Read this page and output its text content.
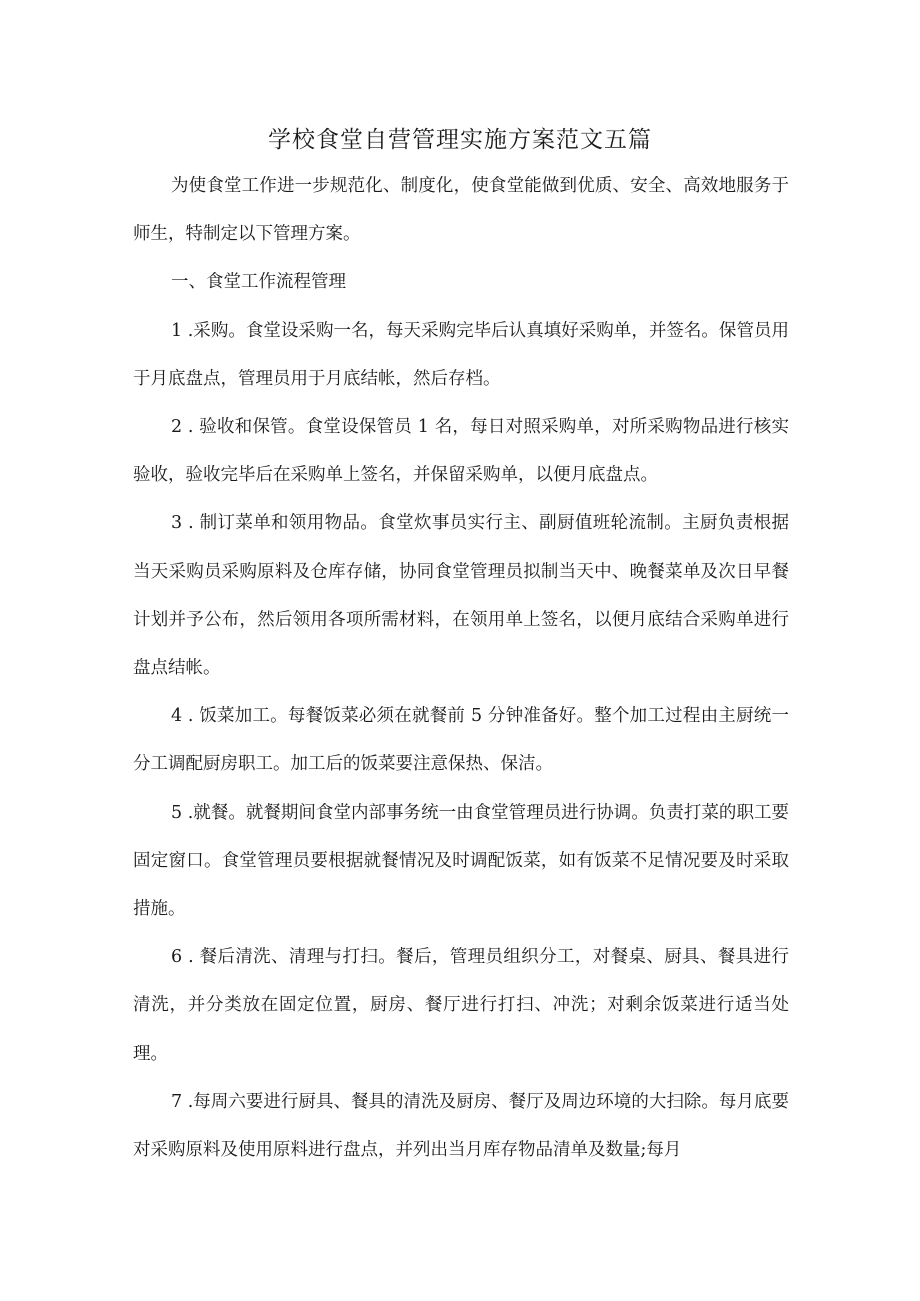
学校食堂自营管理实施方案范文五篇

为使食堂工作进一步规范化、制度化，使食堂能做到优质、安全、高效地服务于师生，特制定以下管理方案。

一、食堂工作流程管理

1 .采购。食堂设采购一名，每天采购完毕后认真填好采购单，并签名。保管员用于月底盘点，管理员用于月底结帐，然后存档。

2 . 验收和保管。食堂设保管员 1 名，每日对照采购单，对所采购物品进行核实验收，验收完毕后在采购单上签名，并保留采购单，以便月底盘点。

3 . 制订菜单和领用物品。食堂炊事员实行主、副厨值班轮流制。主厨负责根据当天采购员采购原料及仓库存储，协同食堂管理员拟制当天中、晚餐菜单及次日早餐计划并予公布，然后领用各项所需材料，在领用单上签名，以便月底结合采购单进行盘点结帐。

4 . 饭菜加工。每餐饭菜必须在就餐前 5 分钟准备好。整个加工过程由主厨统一分工调配厨房职工。加工后的饭菜要注意保热、保洁。

5 .就餐。就餐期间食堂内部事务统一由食堂管理员进行协调。负责打菜的职工要固定窗口。食堂管理员要根据就餐情况及时调配饭菜，如有饭菜不足情况要及时采取措施。

6 . 餐后清洗、清理与打扫。餐后，管理员组织分工，对餐桌、厨具、餐具进行清洗，并分类放在固定位置，厨房、餐厅进行打扫、冲洗；对剩余饭菜进行适当处理。

7 .每周六要进行厨具、餐具的清洗及厨房、餐厅及周边环境的大扫除。每月底要对采购原料及使用原料进行盘点，并列出当月库存物品清单及数量;每月
